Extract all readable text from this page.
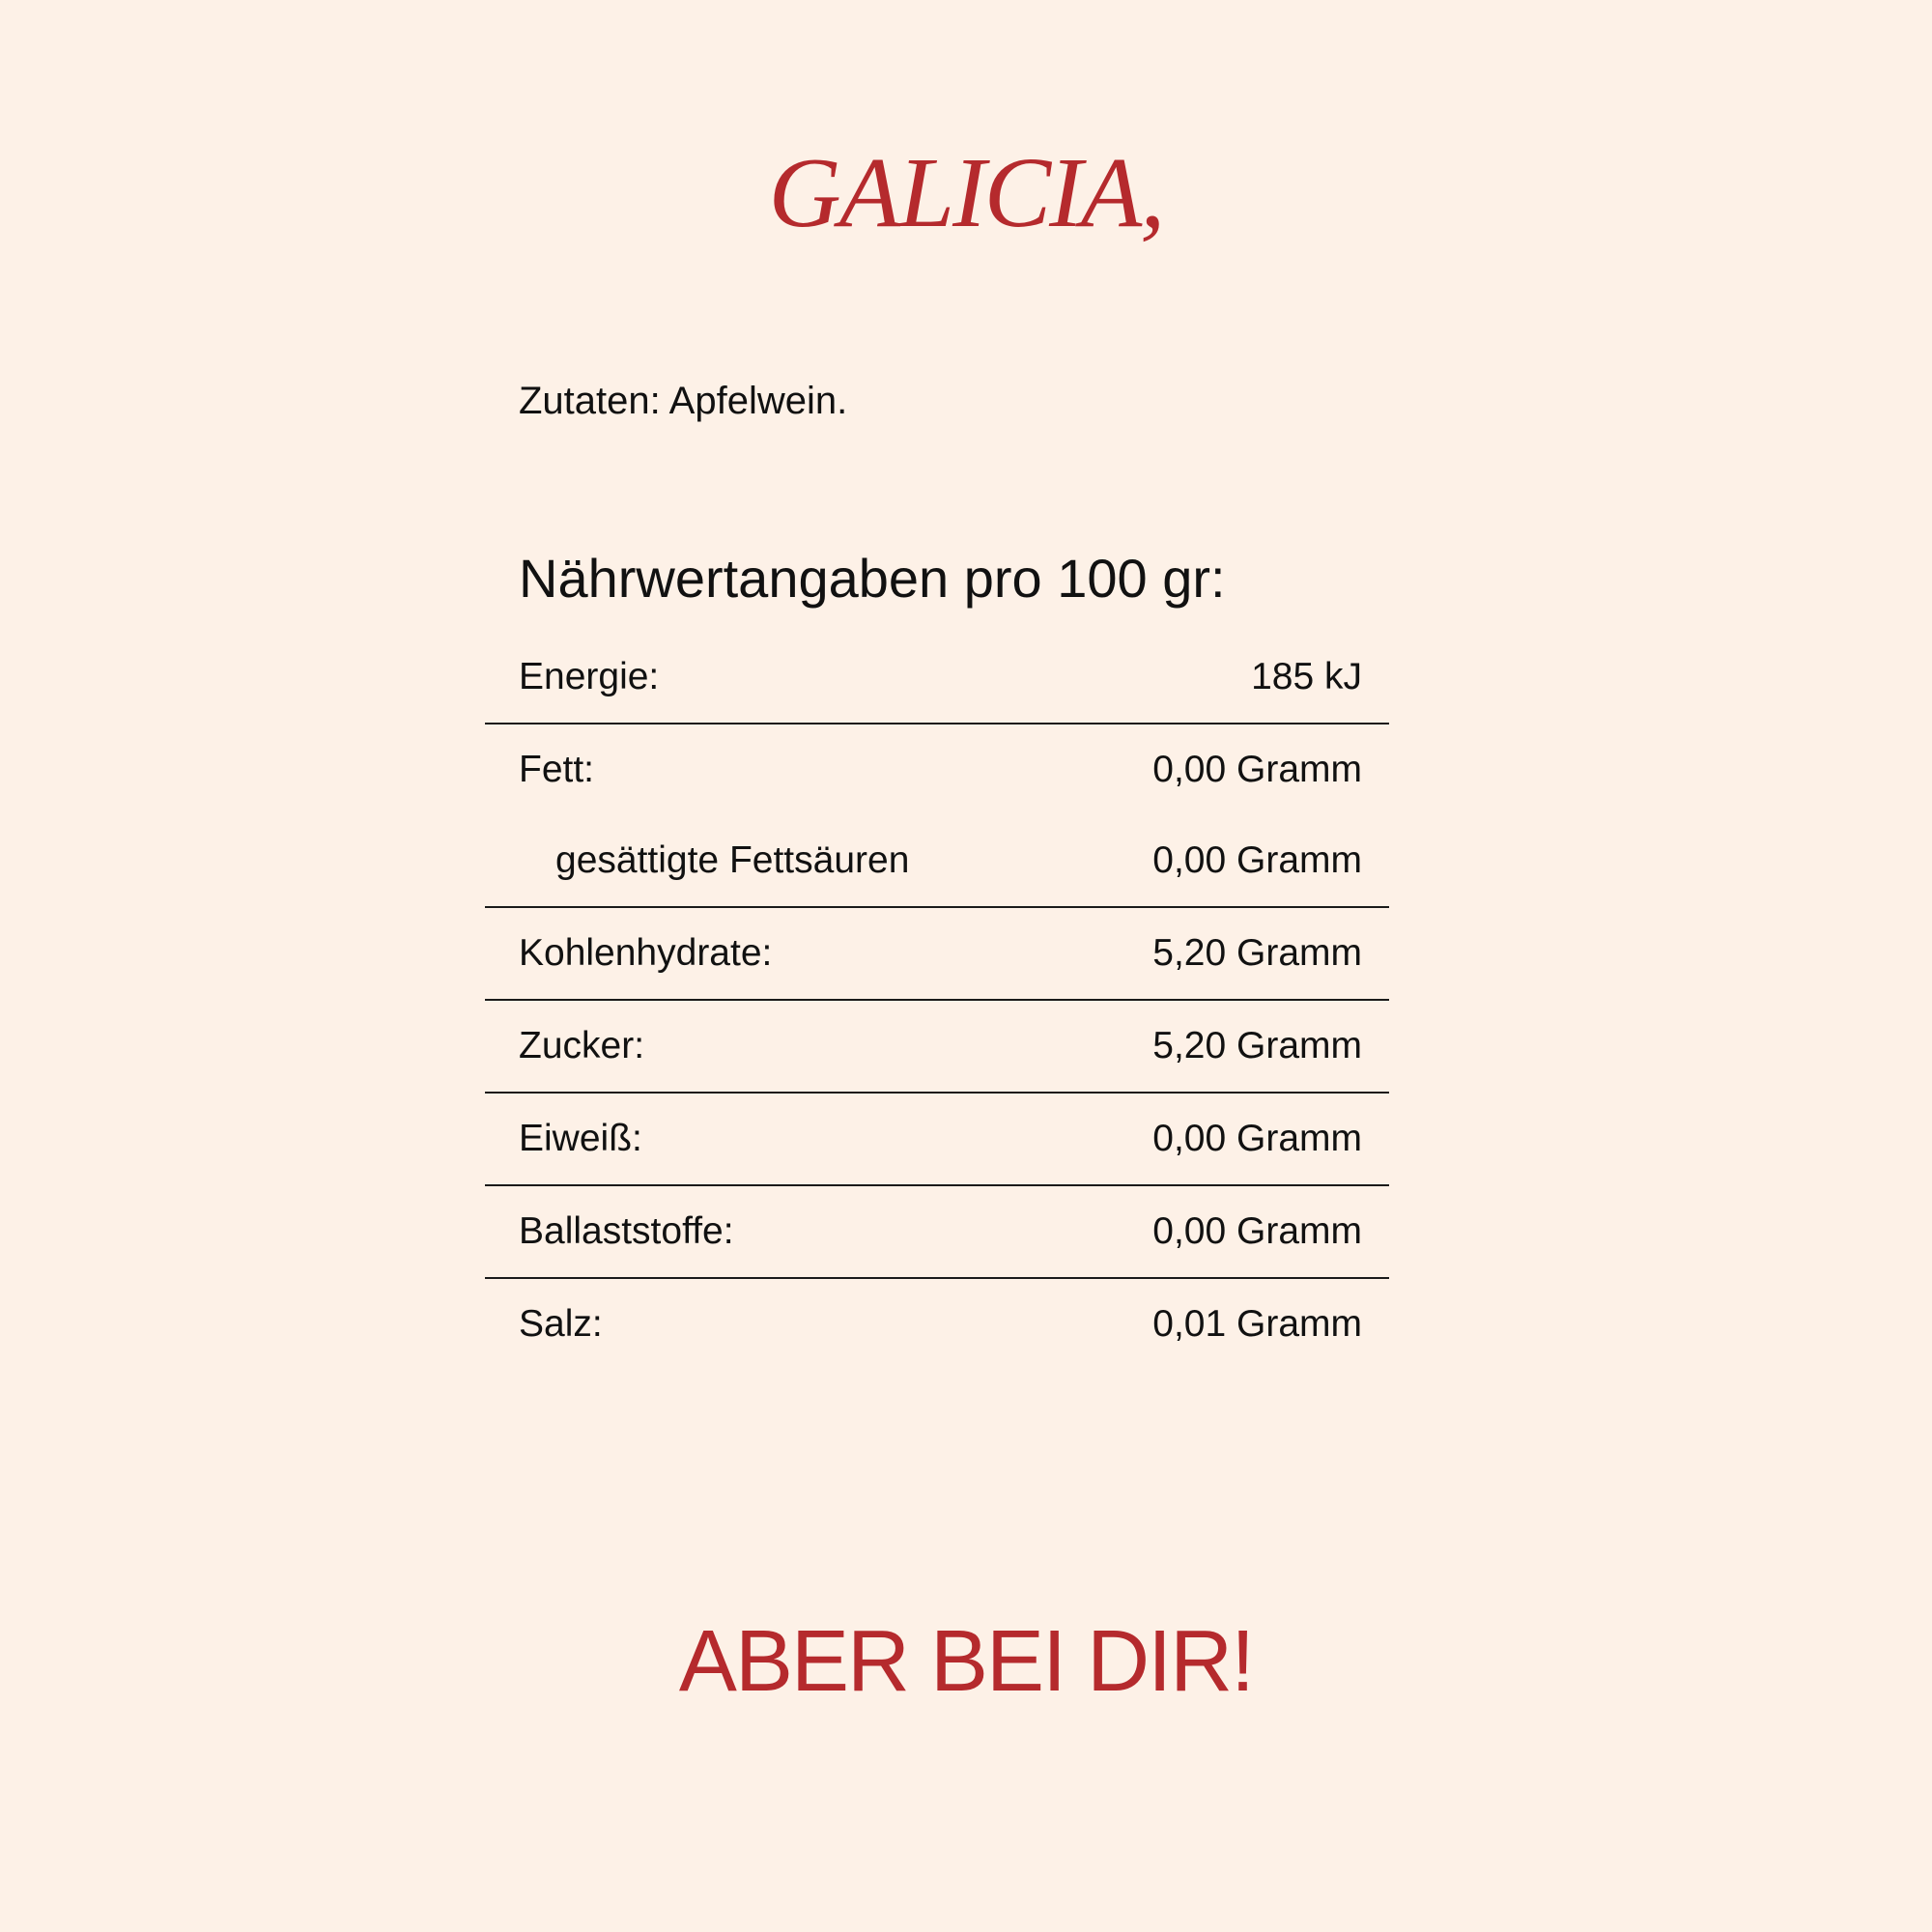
GALICIA,
Zutaten: Apfelwein.
Nährwertangaben pro 100 gr:
Energie:	185 kJ
Fett:	0,00 Gramm
gesättigte Fettsäuren	0,00 Gramm
Kohlenhydrate:	5,20 Gramm
Zucker:	5,20 Gramm
Eiweiß:	0,00 Gramm
Ballaststoffe:	0,00 Gramm
Salz:	0,01 Gramm
ABER BEI DIR!
